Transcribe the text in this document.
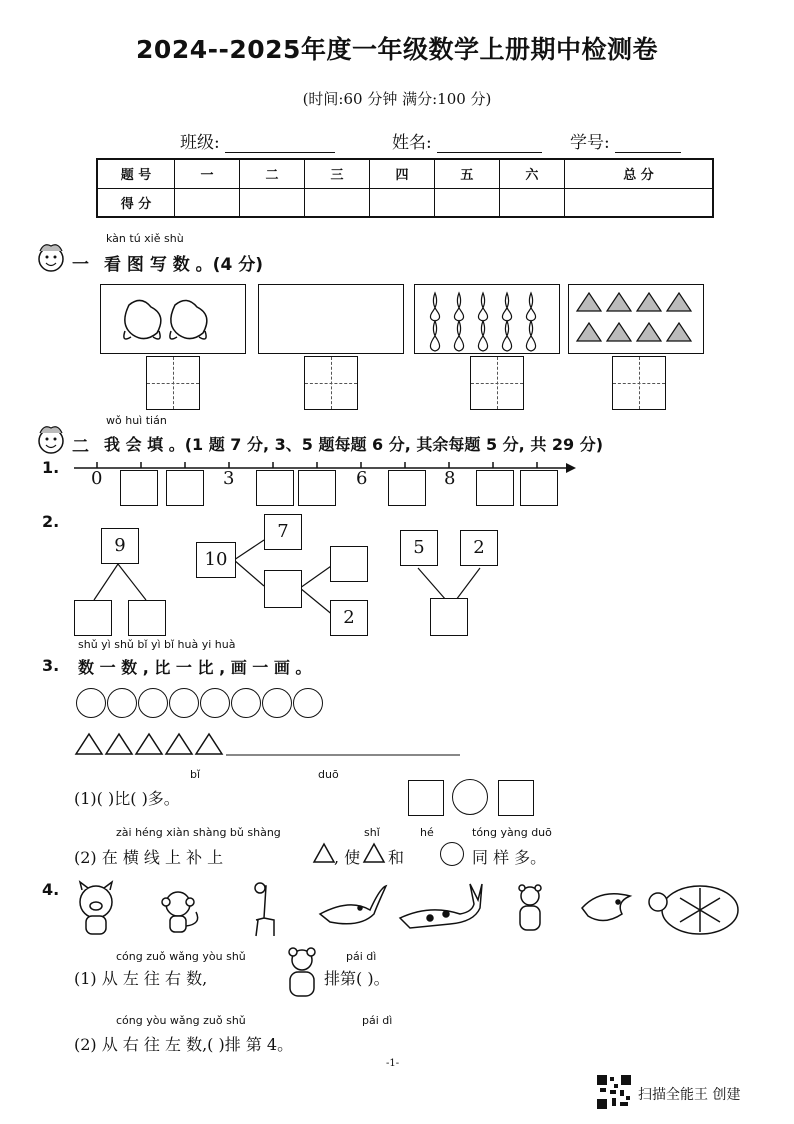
2024--2025年度一年级数学上册期中检测卷
(时间:60 分钟 满分:100 分)
班级:	姓名:	学号:
题 号	一	二	三	四	五	六	总 分
得 分							
kàn tú xiě shù
一 看 图 写 数 。(4 分)
wǒ huì tián
二 我 会 填 。(1 题 7 分, 3、5 题每题 6 分, 其余每题 5 分, 共 29 分)
1.
0	3	6	8
2.
9
10
7
2
5	2
shǔ yì shǔ bǐ yì bǐ huà yi huà
3. 数 一 数 , 比 一 比 , 画 一 画 。
bǐ	duō
(1)( )比( )多。
zài héng xiàn shàng bǔ shàng	shǐ	hé	tóng yàng duō
(2) 在 横 线 上 补 上	, 使 和	同 样 多。
4.
cóng zuǒ wǎng yòu shǔ	pái dì
(1) 从 左 往 右 数,	排第( )。
cóng yòu wǎng zuǒ shǔ	pái dì
(2) 从 右 往 左 数,( )排 第 4。
-1-
扫描全能王 创建
